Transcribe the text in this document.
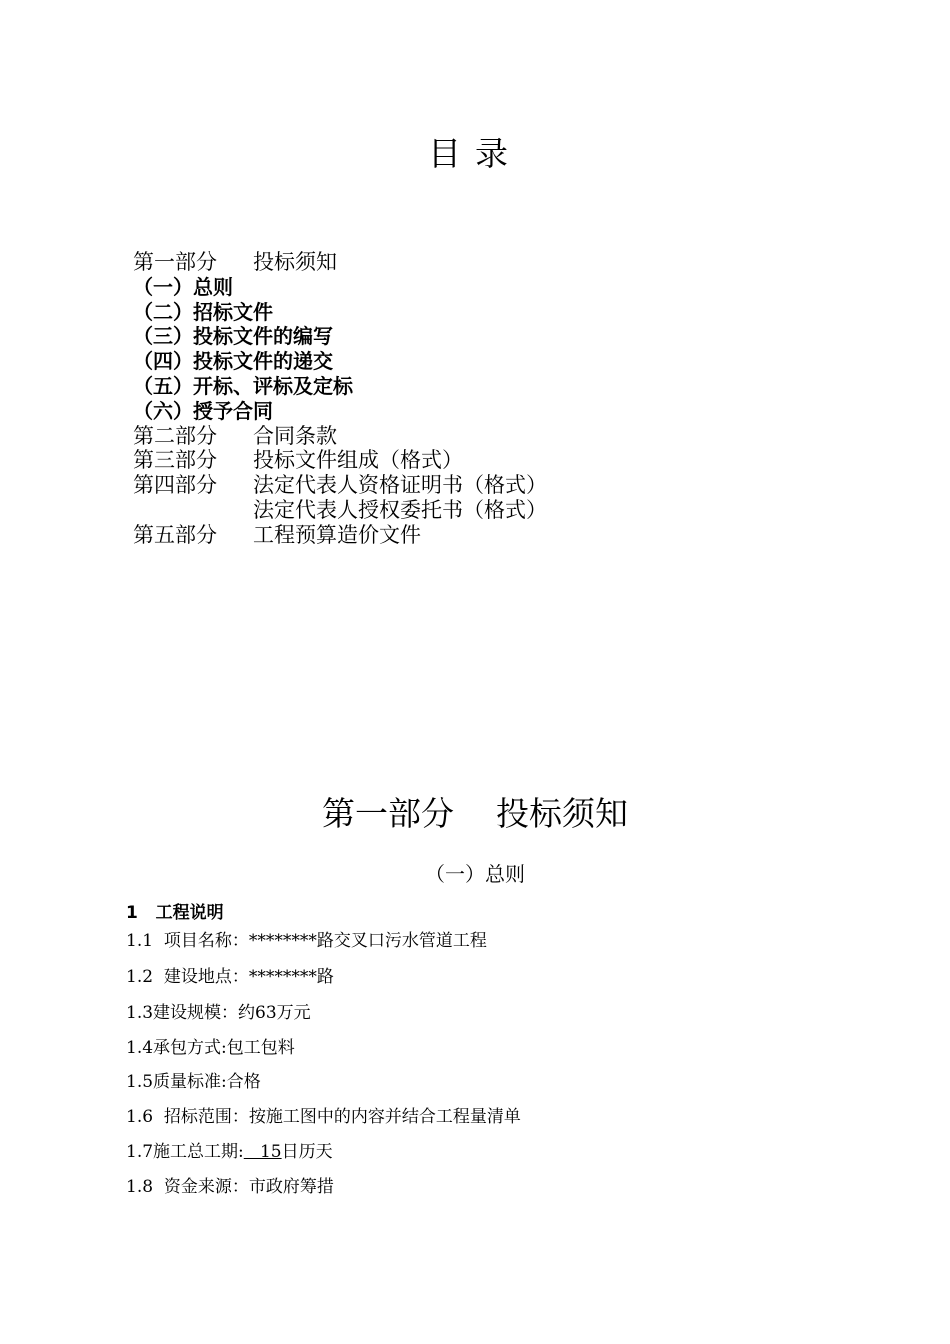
目录
第一部分 投标须知
（一）总则
（二）招标文件
（三）投标文件的编写
（四）投标文件的递交
（五）开标、评标及定标
（六）授予合同
第二部分 合同条款
第三部分 投标文件组成（格式）
第四部分 法定代表人资格证明书（格式）
法定代表人授权委托书（格式）
第五部分 工程预算造价文件
第一部分    投标须知
（一）总则
1   工程说明
1.1  项目名称：********路交叉口污水管道工程
1.2  建设地点：********路
1.3建设规模：约63万元
1.4承包方式:包工包料
1.5质量标准:合格
1.6  招标范围：按施工图中的内容并结合工程量清单
1.7施工总工期:   15日历天
1.8  资金来源：市政府筹措
